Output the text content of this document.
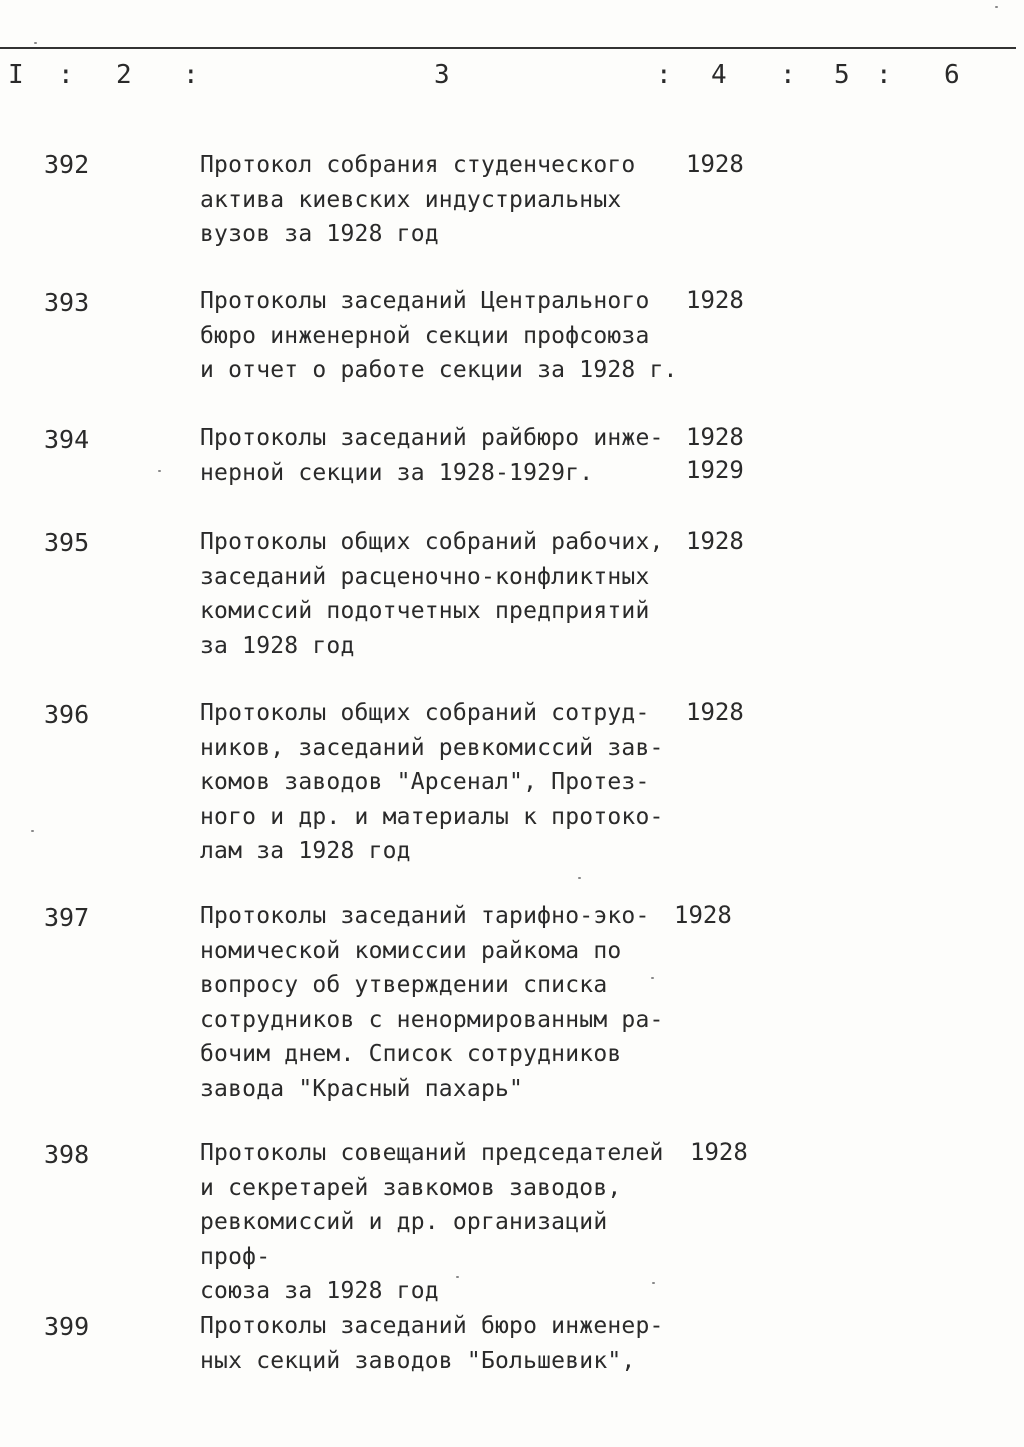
I : 2 :	3	: 4 : 5 : 6
392	Протокол собрания студенческого
актива киевских индустриальных
вузов за 1928 год
1928
393	Протоколы заседаний Центрального
бюро инженерной секции профсоюза
и отчет о работе секции за 1928 г.
1928
394	Протоколы заседаний райбюро инже-
нерной секции за 1928-1929г.
1928
1929
395	Протоколы общих собраний рабочих,
заседаний расценочно-конфликтных
комиссий подотчетных предприятий
за 1928 год
1928
396	Протоколы общих собраний сотруд-
ников, заседаний ревкомиссий зав-
комов заводов "Арсенал", Протез-
ного и др. и материалы к протоко-
лам за 1928 год
1928
397	Протоколы заседаний тарифно-эко-
номической комиссии райкома по
вопросу об утверждении списка
сотрудников с ненормированным ра-
бочим днем. Список сотрудников
завода "Красный пахарь"
1928
398	Протоколы совещаний председателей
и секретарей завкомов заводов,
ревкомиссий и др. организаций проф-
союза за 1928 год
1928
399	Протоколы заседаний бюро инженер-
ных секций заводов "Большевик",
